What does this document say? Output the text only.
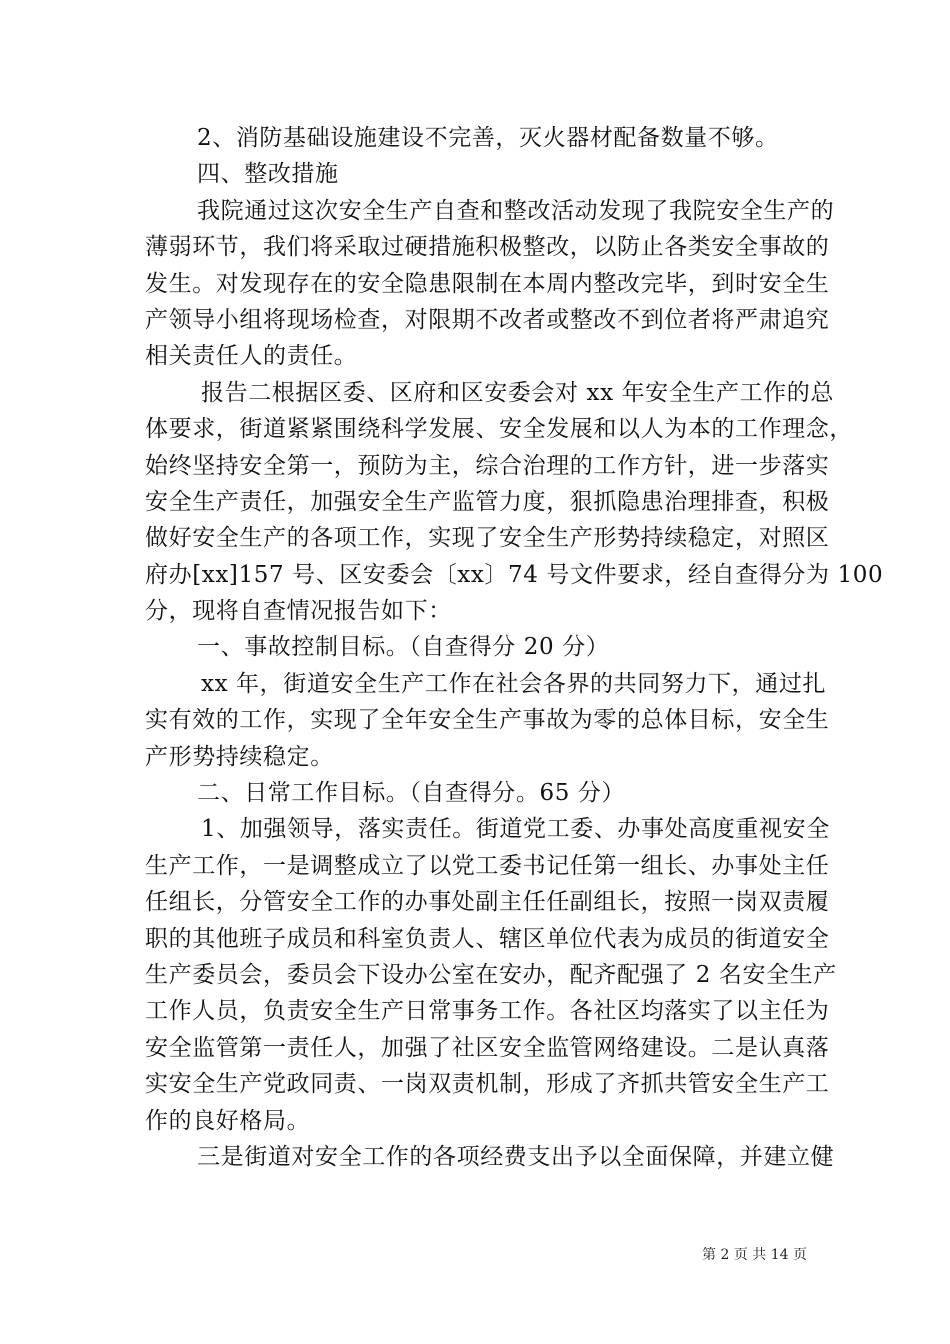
2、消防基础设施建设不完善，灭火器材配备数量不够。
四、整改措施
我院通过这次安全生产自查和整改活动发现了我院安全生产的
薄弱环节，我们将采取过硬措施积极整改，以防止各类安全事故的
发生。对发现存在的安全隐患限制在本周内整改完毕，到时安全生
产领导小组将现场检查，对限期不改者或整改不到位者将严肃追究
相关责任人的责任。
报告二根据区委、区府和区安委会对 xx 年安全生产工作的总
体要求，街道紧紧围绕科学发展、安全发展和以人为本的工作理念，
始终坚持安全第一，预防为主，综合治理的工作方针，进一步落实
安全生产责任，加强安全生产监管力度，狠抓隐患治理排查，积极
做好安全生产的各项工作，实现了安全生产形势持续稳定，对照区
府办[xx]157 号、区安委会〔xx〕74 号文件要求，经自查得分为 100
分，现将自查情况报告如下：
一、事故控制目标。（自查得分 20 分）
xx 年，街道安全生产工作在社会各界的共同努力下，通过扎
实有效的工作，实现了全年安全生产事故为零的总体目标，安全生
产形势持续稳定。
二、日常工作目标。（自查得分。65 分）
1、加强领导，落实责任。街道党工委、办事处高度重视安全
生产工作，一是调整成立了以党工委书记任第一组长、办事处主任
任组长，分管安全工作的办事处副主任任副组长，按照一岗双责履
职的其他班子成员和科室负责人、辖区单位代表为成员的街道安全
生产委员会，委员会下设办公室在安办，配齐配强了 2 名安全生产
工作人员，负责安全生产日常事务工作。各社区均落实了以主任为
安全监管第一责任人，加强了社区安全监管网络建设。二是认真落
实安全生产党政同责、一岗双责机制，形成了齐抓共管安全生产工
作的良好格局。
三是街道对安全工作的各项经费支出予以全面保障，并建立健
第 2 页 共 14 页
